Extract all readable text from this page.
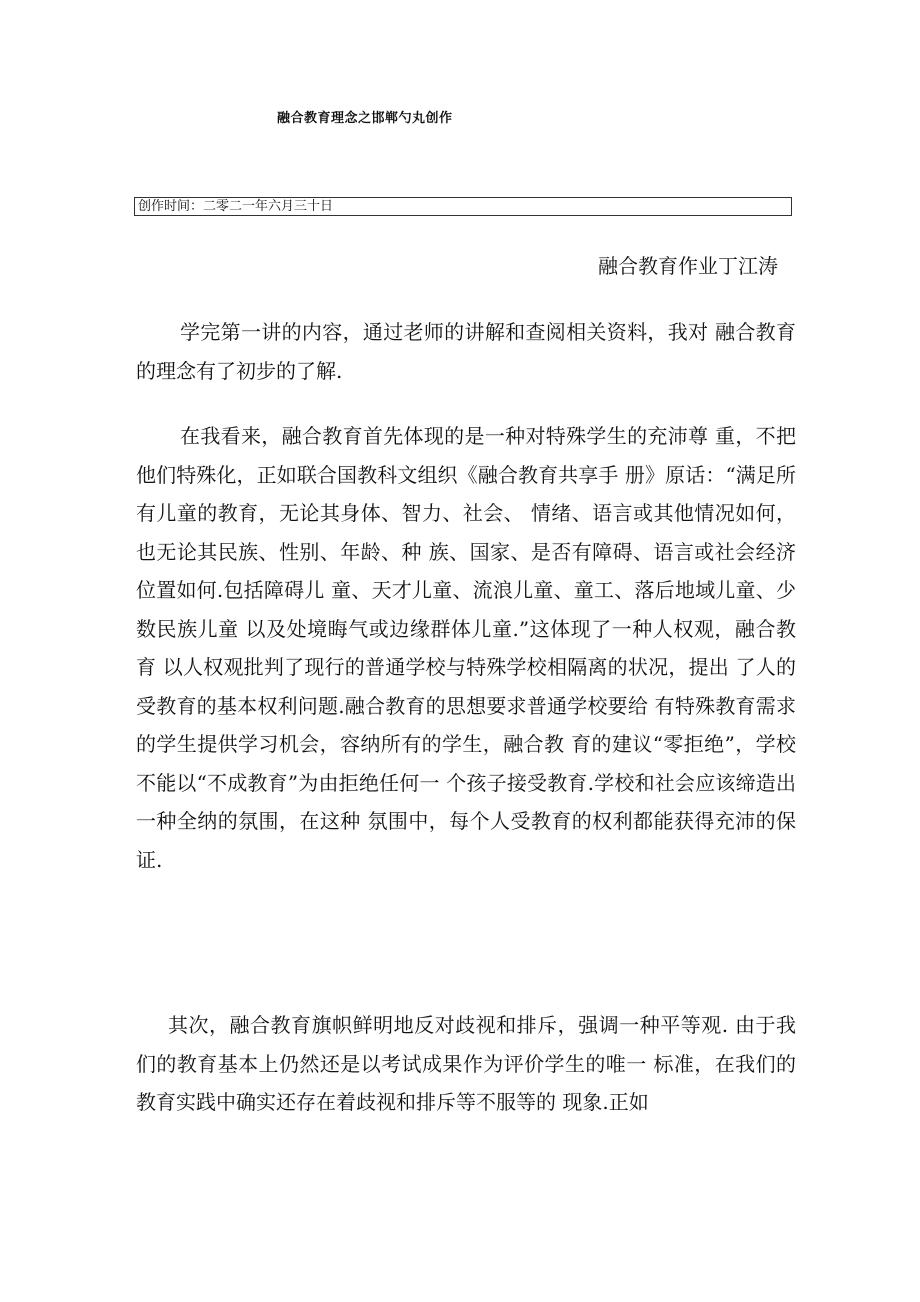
融合教育理念之邯郸勺丸创作
创作时间：二零二一年六月三十日
融合教育作业丁江涛

学完第一讲的内容，通过老师的讲解和查阅相关资料，我对 融合教育的理念有了初步的了解.

在我看来，融合教育首先体现的是一种对特殊学生的充沛尊 重，不把他们特殊化，正如联合国教科文组织《融合教育共享手 册》原话：“满足所有儿童的教育，无论其身体、智力、社会、 情绪、语言或其他情况如何，也无论其民族、性别、年龄、种 族、国家、是否有障碍、语言或社会经济位置如何.包括障碍儿 童、天才儿童、流浪儿童、童工、落后地域儿童、少数民族儿童 以及处境晦气或边缘群体儿童.”这体现了一种人权观，融合教育 以人权观批判了现行的普通学校与特殊学校相隔离的状况，提出 了人的受教育的基本权利问题.融合教育的思想要求普通学校要给 有特殊教育需求的学生提供学习机会，容纳所有的学生，融合教 育的建议“零拒绝”，学校不能以“不成教育”为由拒绝任何一 个孩子接受教育.学校和社会应该缔造出一种全纳的氛围，在这种 氛围中，每个人受教育的权利都能获得充沛的保证.

其次，融合教育旗帜鲜明地反对歧视和排斥，强调一种平等观. 由于我们的教育基本上仍然还是以考试成果作为评价学生的唯一 标准，在我们的教育实践中确实还存在着歧视和排斥等不服等的 现象.正如
